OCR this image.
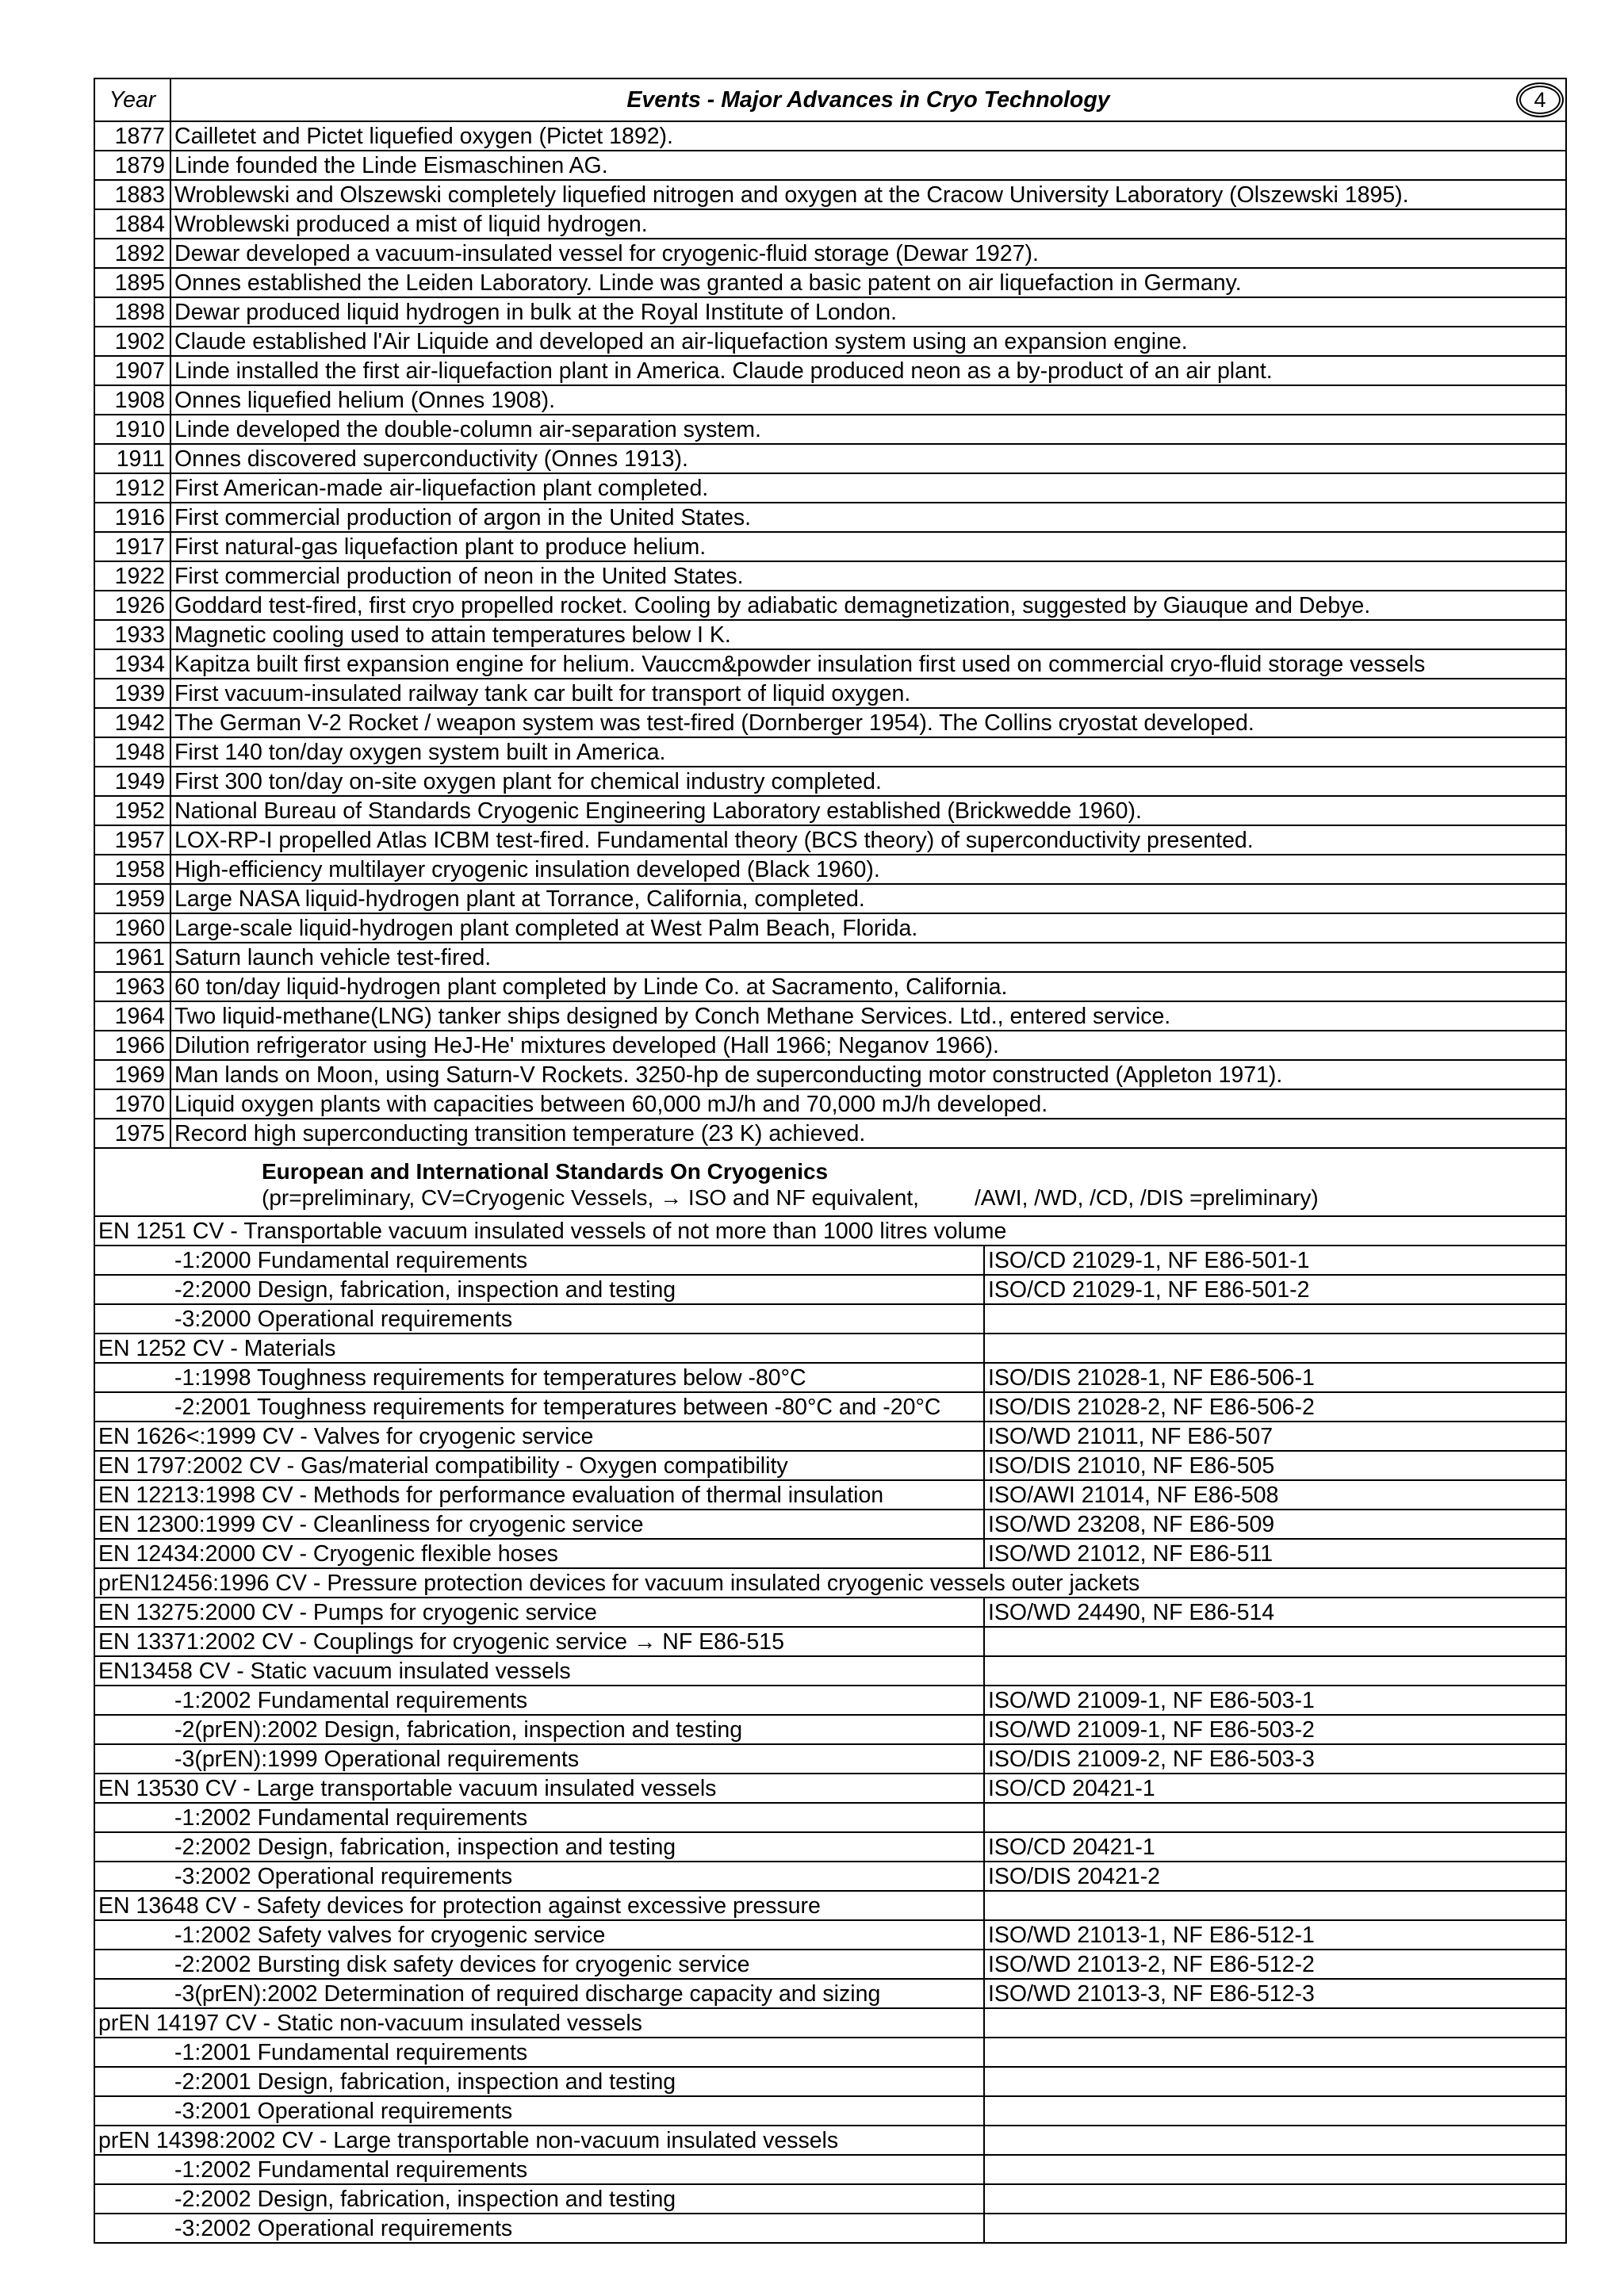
Year	Events - Major Advances in Cryo Technology 4

1877	Cailletet and Pictet liquefied oxygen (Pictet 1892).
1879	Linde founded the Linde Eismaschinen AG.
1883	Wroblewski and Olszewski completely liquefied nitrogen and oxygen at the Cracow University Laboratory (Olszewski 1895).
1884	Wroblewski produced a mist of liquid hydrogen.
1892	Dewar developed a vacuum-insulated vessel for cryogenic-fluid storage (Dewar 1927).
1895	Onnes established the Leiden Laboratory. Linde was granted a basic patent on air liquefaction in Germany.
1898	Dewar produced liquid hydrogen in bulk at the Royal Institute of London.
1902	Claude established l'Air Liquide and developed an air-liquefaction system using an expansion engine.
1907	Linde installed the first air-liquefaction plant in America. Claude produced neon as a by-product of an air plant.
1908	Onnes liquefied helium (Onnes 1908).
1910	Linde developed the double-column air-separation system.
1911	Onnes discovered superconductivity (Onnes 1913).
1912	First American-made air-liquefaction plant completed.
1916	First commercial production of argon in the United States.
1917	First natural-gas liquefaction plant to produce helium.
1922	First commercial production of neon in the United States.
1926	Goddard test-fired, first cryo propelled rocket. Cooling by adiabatic demagnetization, suggested by Giauque and Debye.
1933	Magnetic cooling used to attain temperatures below I K.
1934	Kapitza built first expansion engine for helium. Vauccm&powder insulation first used on commercial cryo-fluid storage vessels
1939	First vacuum-insulated railway tank car built for transport of liquid oxygen.
1942	The German V-2 Rocket / weapon system was test-fired (Dornberger 1954). The Collins cryostat developed.
1948	First 140 ton/day oxygen system built in America.
1949	First 300 ton/day on-site oxygen plant for chemical industry completed.
1952	National Bureau of Standards Cryogenic Engineering Laboratory established (Brickwedde 1960).
1957	LOX-RP-I propelled Atlas ICBM test-fired. Fundamental theory (BCS theory) of superconductivity presented.
1958	High-efficiency multilayer cryogenic insulation developed (Black 1960).
1959	Large NASA liquid-hydrogen plant at Torrance, California, completed.
1960	Large-scale liquid-hydrogen plant completed at West Palm Beach, Florida.
1961	Saturn launch vehicle test-fired.
1963	60 ton/day liquid-hydrogen plant completed by Linde Co. at Sacramento, California.
1964	Two liquid-methane(LNG) tanker ships designed by Conch Methane Services. Ltd., entered service.
1966	Dilution refrigerator using HeJ-He' mixtures developed (Hall 1966; Neganov 1966).
1969	Man lands on Moon, using Saturn-V Rockets. 3250-hp de superconducting motor constructed (Appleton 1971).
1970	Liquid oxygen plants with capacities between 60,000 mJ/h and 70,000 mJ/h developed.
1975	Record high superconducting transition temperature (23 K) achieved.
European and International Standards On Cryogenics
(pr=preliminary, CV=Cryogenic Vessels, → ISO and NF equivalent, /AWI, /WD, /CD, /DIS =preliminary)	

EN 1251 CV - Transportable vacuum insulated vessels of not more than 1000 litres volume	
-1:2000 Fundamental requirements	ISO/CD 21029-1, NF E86-501-1
-2:2000 Design, fabrication, inspection and testing	ISO/CD 21029-1, NF E86-501-2
-3:2000 Operational requirements	
EN 1252 CV - Materials	
-1:1998 Toughness requirements for temperatures below -80°C	ISO/DIS 21028-1, NF E86-506-1
-2:2001 Toughness requirements for temperatures between -80°C and -20°C	ISO/DIS 21028-2, NF E86-506-2
EN 1626<:1999 CV - Valves for cryogenic service	ISO/WD 21011, NF E86-507
EN 1797:2002 CV - Gas/material compatibility - Oxygen compatibility	ISO/DIS 21010, NF E86-505
EN 12213:1998 CV - Methods for performance evaluation of thermal insulation	ISO/AWI 21014, NF E86-508
EN 12300:1999 CV - Cleanliness for cryogenic service	ISO/WD 23208, NF E86-509
EN 12434:2000 CV - Cryogenic flexible hoses	ISO/WD 21012, NF E86-511
prEN12456:1996 CV - Pressure protection devices for vacuum insulated cryogenic vessels outer jackets	
EN 13275:2000 CV - Pumps for cryogenic service	ISO/WD 24490, NF E86-514
EN 13371:2002 CV - Couplings for cryogenic service → NF E86-515	
EN13458 CV - Static vacuum insulated vessels	
-1:2002 Fundamental requirements	ISO/WD 21009-1, NF E86-503-1
-2(prEN):2002 Design, fabrication, inspection and testing	ISO/WD 21009-1, NF E86-503-2
-3(prEN):1999 Operational requirements	ISO/DIS 21009-2, NF E86-503-3
EN 13530 CV - Large transportable vacuum insulated vessels	ISO/CD 20421-1
-1:2002 Fundamental requirements	
-2:2002 Design, fabrication, inspection and testing	ISO/CD 20421-1
-3:2002 Operational requirements	ISO/DIS 20421-2
EN 13648 CV - Safety devices for protection against excessive pressure	
-1:2002 Safety valves for cryogenic service	ISO/WD 21013-1, NF E86-512-1
-2:2002 Bursting disk safety devices for cryogenic service	ISO/WD 21013-2, NF E86-512-2
-3(prEN):2002 Determination of required discharge capacity and sizing	ISO/WD 21013-3, NF E86-512-3
prEN 14197 CV - Static non-vacuum insulated vessels	
-1:2001 Fundamental requirements	
-2:2001 Design, fabrication, inspection and testing	
-3:2001 Operational requirements	
prEN 14398:2002 CV - Large transportable non-vacuum insulated vessels	
-1:2002 Fundamental requirements	
-2:2002 Design, fabrication, inspection and testing	
-3:2002 Operational requirements	
